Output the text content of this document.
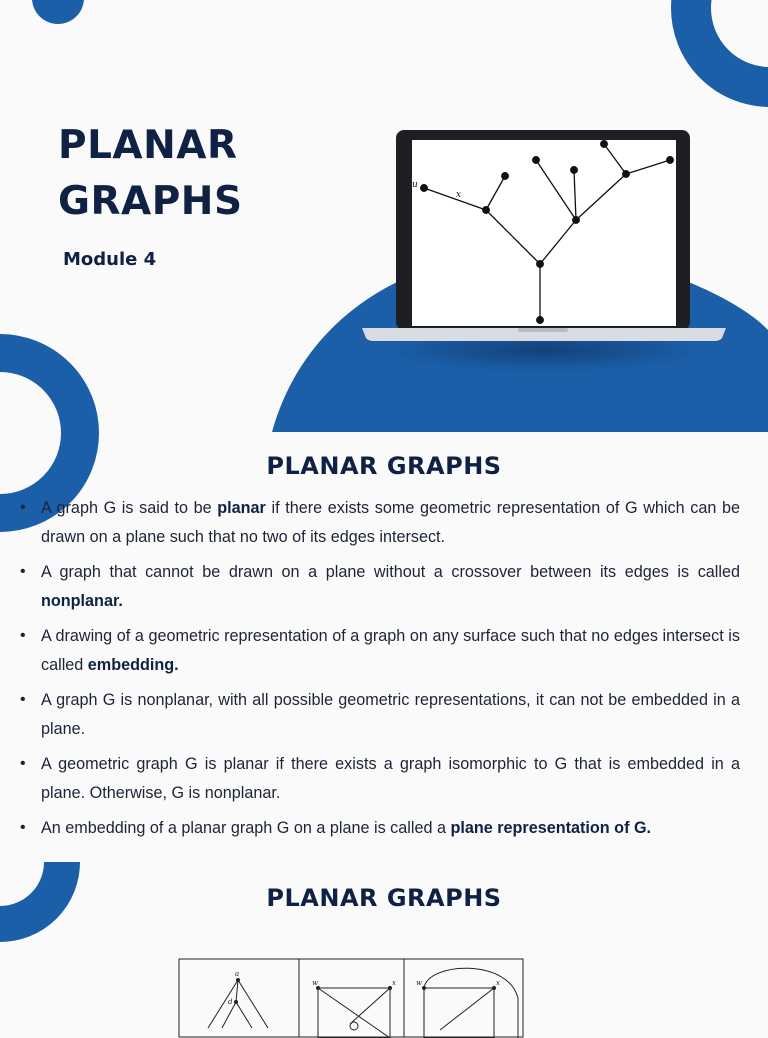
PLANAR
GRAPHS

Module 4

u
x
PLANAR GRAPHS
• A graph G is said to be planar if there exists some geometric representation of G which can be drawn on a plane such that no two of its edges intersect.
• A graph that cannot be drawn on a plane without a crossover between its edges is called nonplanar.
• A drawing of a geometric representation of a graph on any surface such that no edges intersect is called embedding.
• A graph G is nonplanar, with all possible geometric representations, it can not be embedded in a plane.
• A geometric graph G is planar if there exists a graph isomorphic to G that is embedded in a plane. Otherwise, G is nonplanar.
• An embedding of a planar graph G on a plane is called a plane representation of G.
PLANAR GRAPHS
a
d
w	x	w	x
